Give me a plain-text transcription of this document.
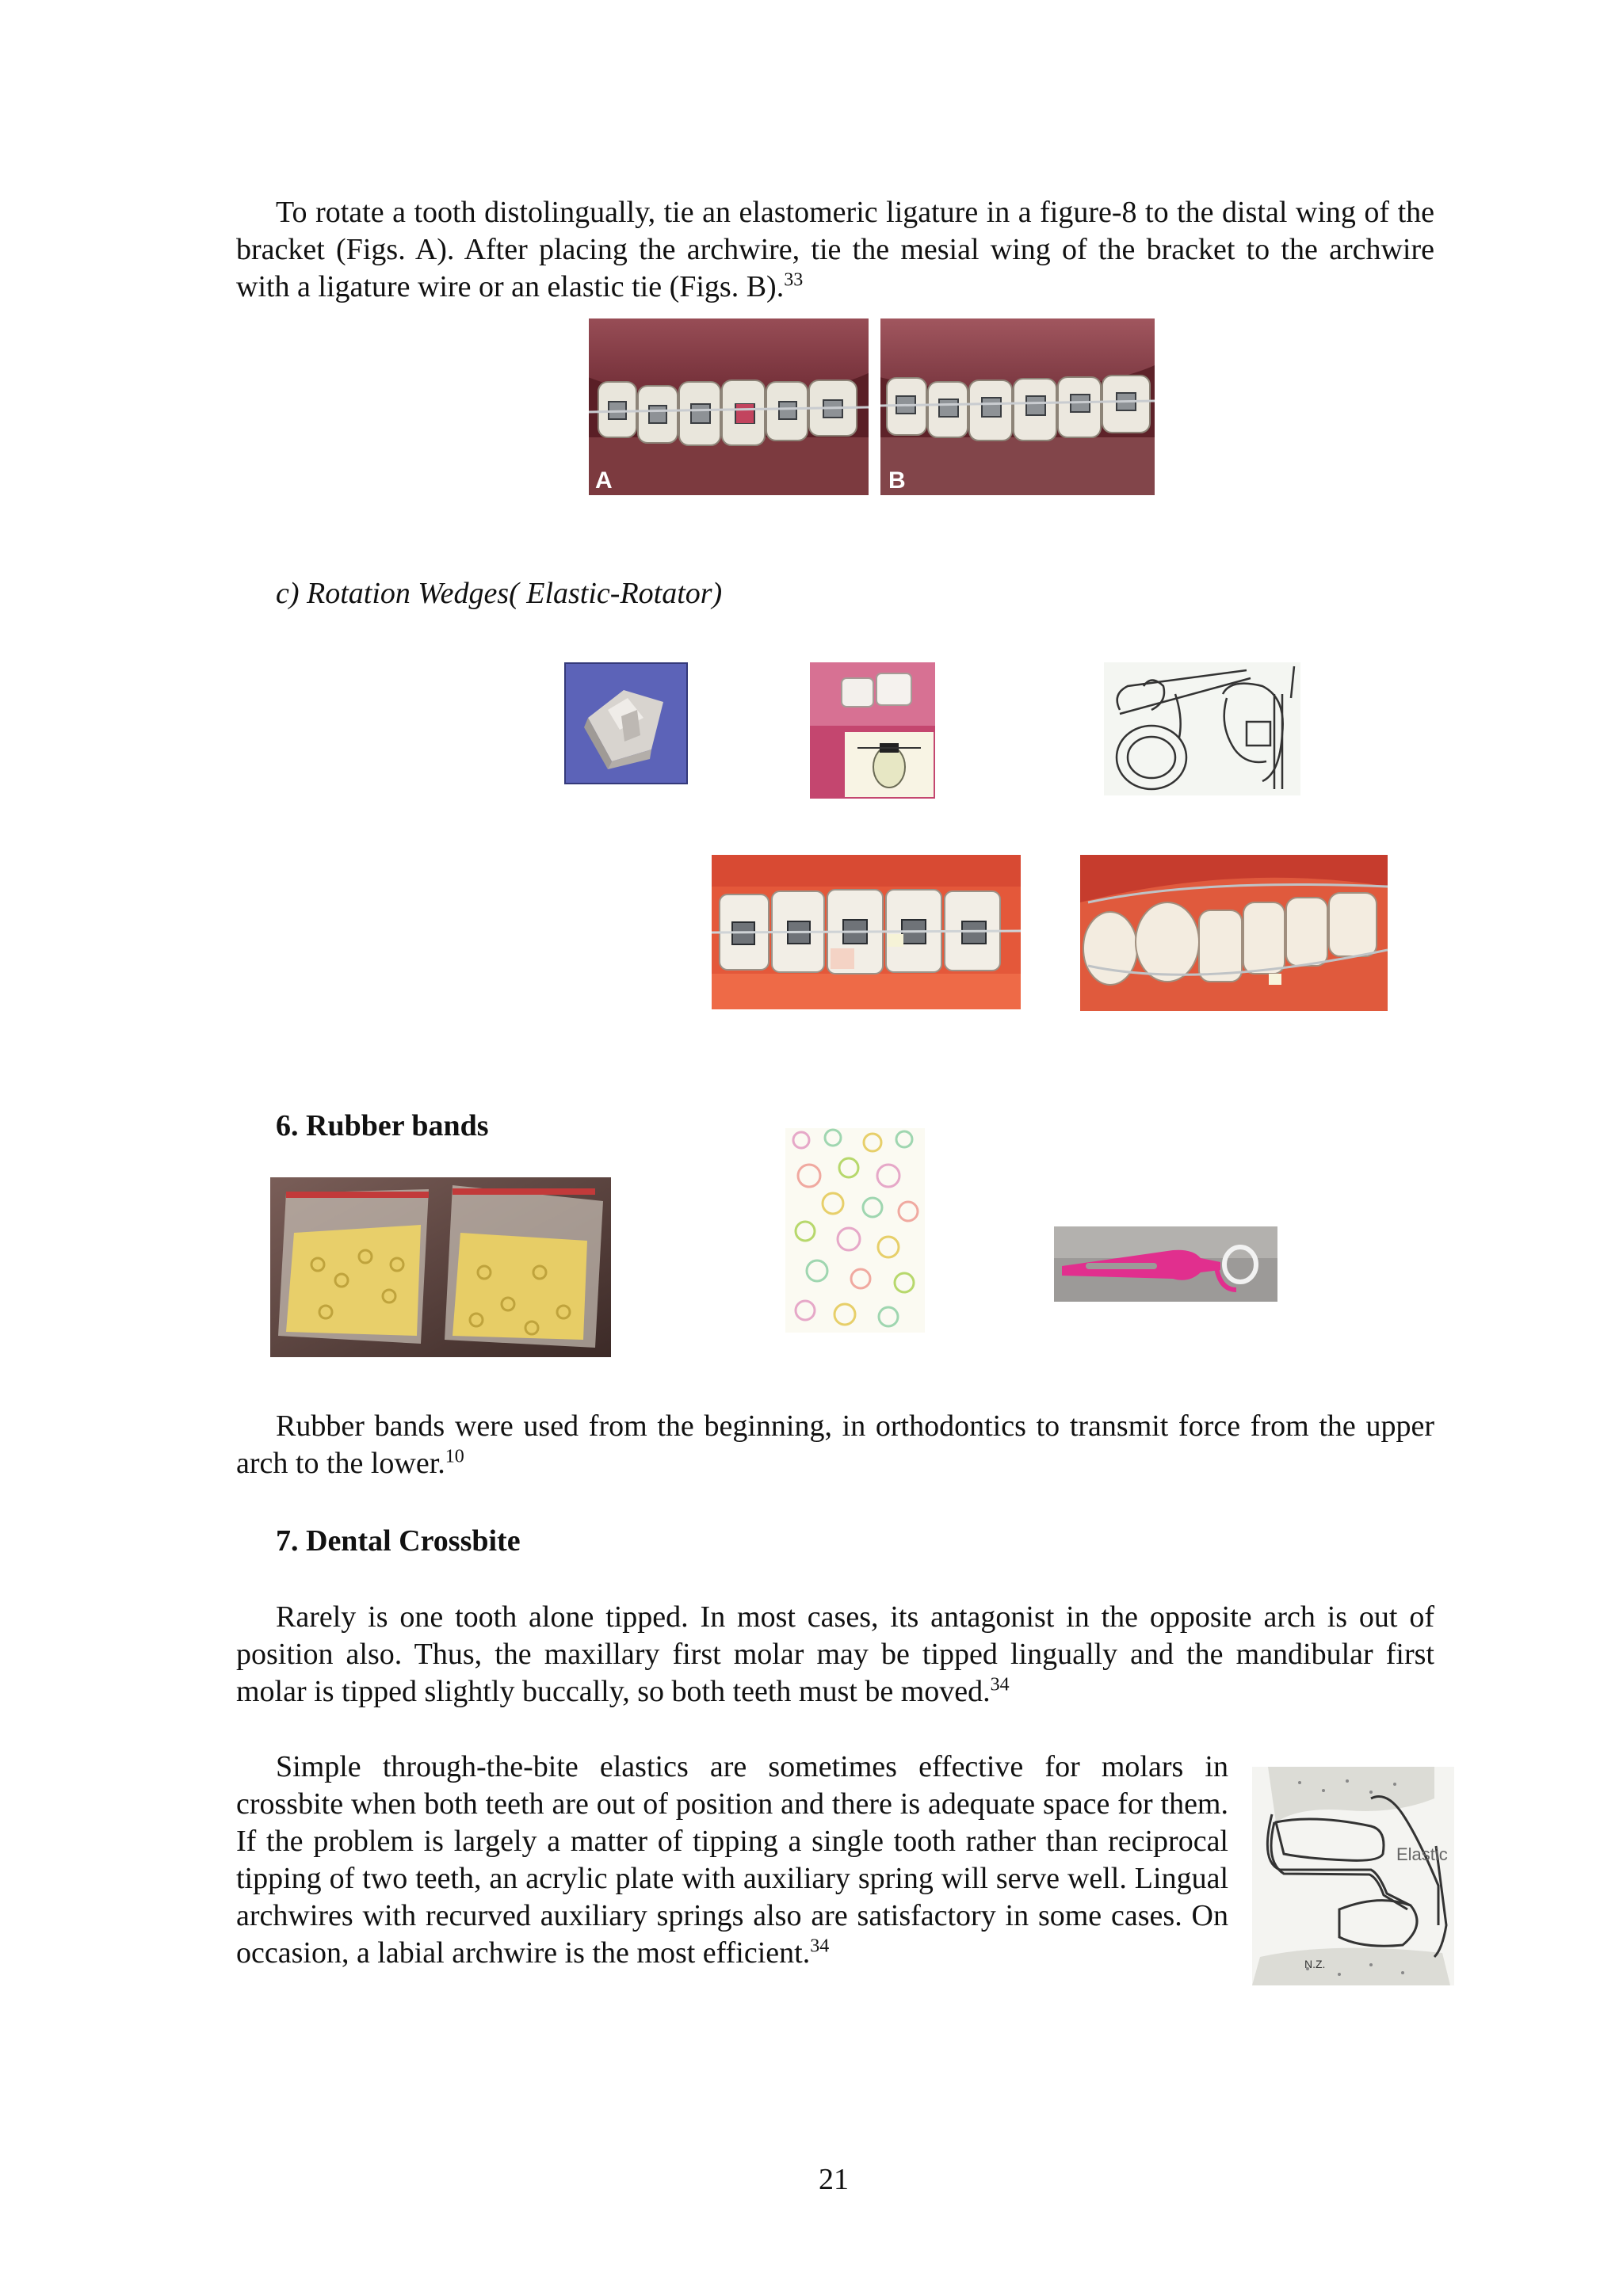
To rotate a tooth distolingually, tie an elastomeric ligature in a figure-8 to the distal wing of the bracket (Figs. A). After placing the archwire, tie the mesial wing of the bracket to the archwire with a ligature wire or an elastic tie (Figs. B).$^{33}$

A	B

c) Rotation Wedges( Elastic-Rotator)

6. Rubber bands

Rubber bands were used from the beginning, in orthodontics to transmit force from the upper arch to the lower.$^{10}$

7. Dental Crossbite

Rarely is one tooth alone tipped. In most cases, its antagonist in the opposite arch is out of position also. Thus, the maxillary first molar may be tipped lingually and the mandibular first molar is tipped slightly buccally, so both teeth must be moved.$^{34}$

Simple through-the-bite elastics are sometimes effective for molars in crossbite when both teeth are out of position and there is adequate space for them. If the problem is largely a matter of tipping a single tooth rather than reciprocal tipping of two teeth, an acrylic plate with auxiliary spring will serve well. Lingual archwires with recurved auxiliary springs also are satisfactory in some cases. On occasion, a labial archwire is the most efficient.$^{34}$

Elastic
N.Z.
21
